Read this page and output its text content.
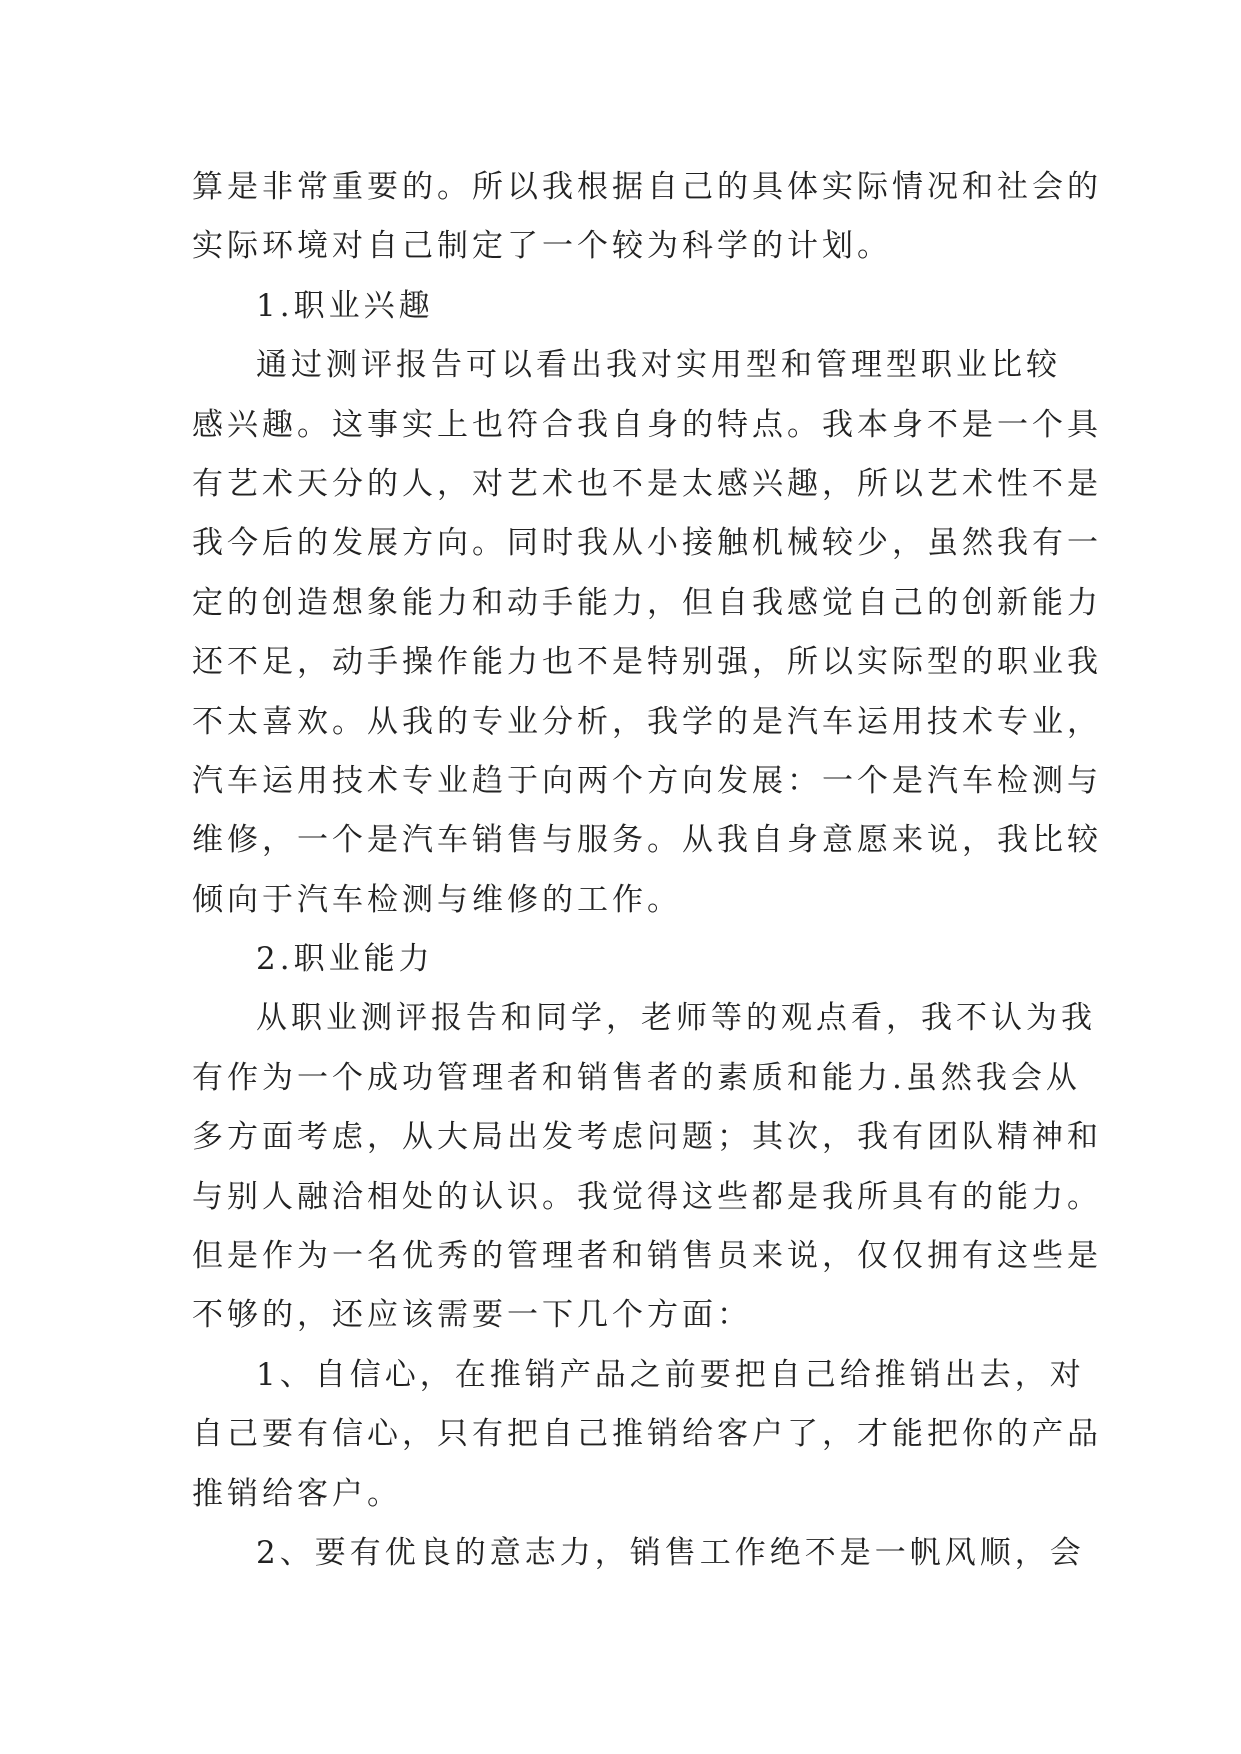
算是非常重要的。所以我根据自己的具体实际情况和社会的
实际环境对自己制定了一个较为科学的计划。
1.职业兴趣
通过测评报告可以看出我对实用型和管理型职业比较
感兴趣。这事实上也符合我自身的特点。我本身不是一个具
有艺术天分的人，对艺术也不是太感兴趣，所以艺术性不是
我今后的发展方向。同时我从小接触机械较少，虽然我有一
定的创造想象能力和动手能力，但自我感觉自己的创新能力
还不足，动手操作能力也不是特别强，所以实际型的职业我
不太喜欢。从我的专业分析，我学的是汽车运用技术专业，
汽车运用技术专业趋于向两个方向发展：一个是汽车检测与
维修，一个是汽车销售与服务。从我自身意愿来说，我比较
倾向于汽车检测与维修的工作。
2.职业能力
从职业测评报告和同学，老师等的观点看，我不认为我
有作为一个成功管理者和销售者的素质和能力.虽然我会从
多方面考虑，从大局出发考虑问题；其次，我有团队精神和
与别人融洽相处的认识。我觉得这些都是我所具有的能力。
但是作为一名优秀的管理者和销售员来说，仅仅拥有这些是
不够的，还应该需要一下几个方面：
1、自信心，在推销产品之前要把自己给推销出去，对
自己要有信心，只有把自己推销给客户了，才能把你的产品
推销给客户。
2、要有优良的意志力，销售工作绝不是一帆风顺，会
